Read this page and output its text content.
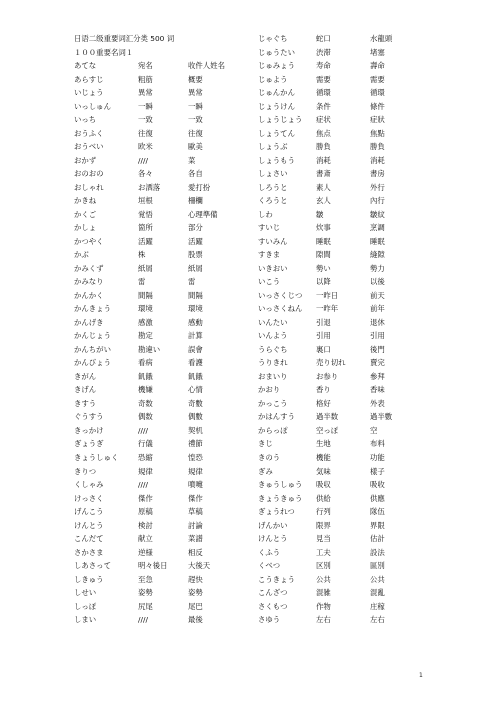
日语二级重要词汇分类 500 词
１００重要名词１
あてな	宛名	收件人姓名
あらすじ	粗筋	概要
いじょう	異常	異常
いっしゅん	一瞬	一瞬
いっち	一致	一致
おうふく	往復	往復
おうべい	欧米	歐美
おかず	////	菜
おのおの	各々	各自
おしゃれ	お洒落	愛打扮
かきね	垣根	柵欄
かくご	覚悟	心理準備
かしょ	箇所	部分
かつやく	活躍	活躍
かぶ	株	股票
かみくず	紙屑	紙屑
かみなり	雷	雷
かんかく	間隔	間隔
かんきょう	環境	環境
かんげき	感激	感動
かんじょう	勘定	計算
かんちがい	勘違い	誤會
かんびょう	看病	看護
きがん	飢餓	飢餓
きげん	機嫌	心情
きすう	奇数	奇數
ぐうすう	偶数	偶數
きっかけ	////	契机
ぎょうぎ	行儀	禮節
きょうしゅく	恐縮	惶恐
きりつ	規律	規律
くしゃみ	////	噴嚏
けっさく	傑作	傑作
げんこう	原稿	草稿
けんとう	検討	討論
こんだて	献立	菜譜
さかさま	逆様	相反
しあさって	明々後日	大後天
しきゅう	至急	趕快
しせい	姿勢	姿勢
しっぽ	尻尾	尾巴
しまい	////	最後
じゃぐち	蛇口	水龍頭
じゅうたい	渋滞	堵塞
じゅみょう	寿命	壽命
じゅよう	需要	需要
じゅんかん	循環	循環
じょうけん	条件	條件
しょうじょう 症状	症狀
しょうてん	焦点	焦點
しょうぶ	勝負	勝負
しょうもう	消耗	消耗
しょさい	書斎	書房
しろうと	素人	外行
くろうと	玄人	內行
しわ	皺	皺紋
すいじ	炊事	烹調
すいみん	睡眠	睡眠
すきま	隙間	縫隙
いきおい	勢い	勢力
いこう	以降	以後
いっさくじつ 一昨日	前天
いっさくねん 一昨年	前年
いんたい	引退	退休
いんよう	引用	引用
うらぐち	裏口	後門
うりきれ	売り切れ	賣完
おまいり	お参り	參拜
かおり	香り	香味
かっこう	格好	外表
かはんすう	過半数	過半數
からっぽ	空っぽ	空
きじ	生地	布料
きのう	機能	功能
ぎみ	気味	樣子
きゅうしゅう 吸収	吸收
きょうきゅう 供給	供應
ぎょうれつ	行列	隊伍
げんかい	限界	界限
けんとう	見当	估計
くふう	工夫	設法
くべつ	区別	區別
こうきょう	公共	公共
こんざつ	混雑	混亂
さくもつ	作物	庄稼
さゆう	左右	左右
1
